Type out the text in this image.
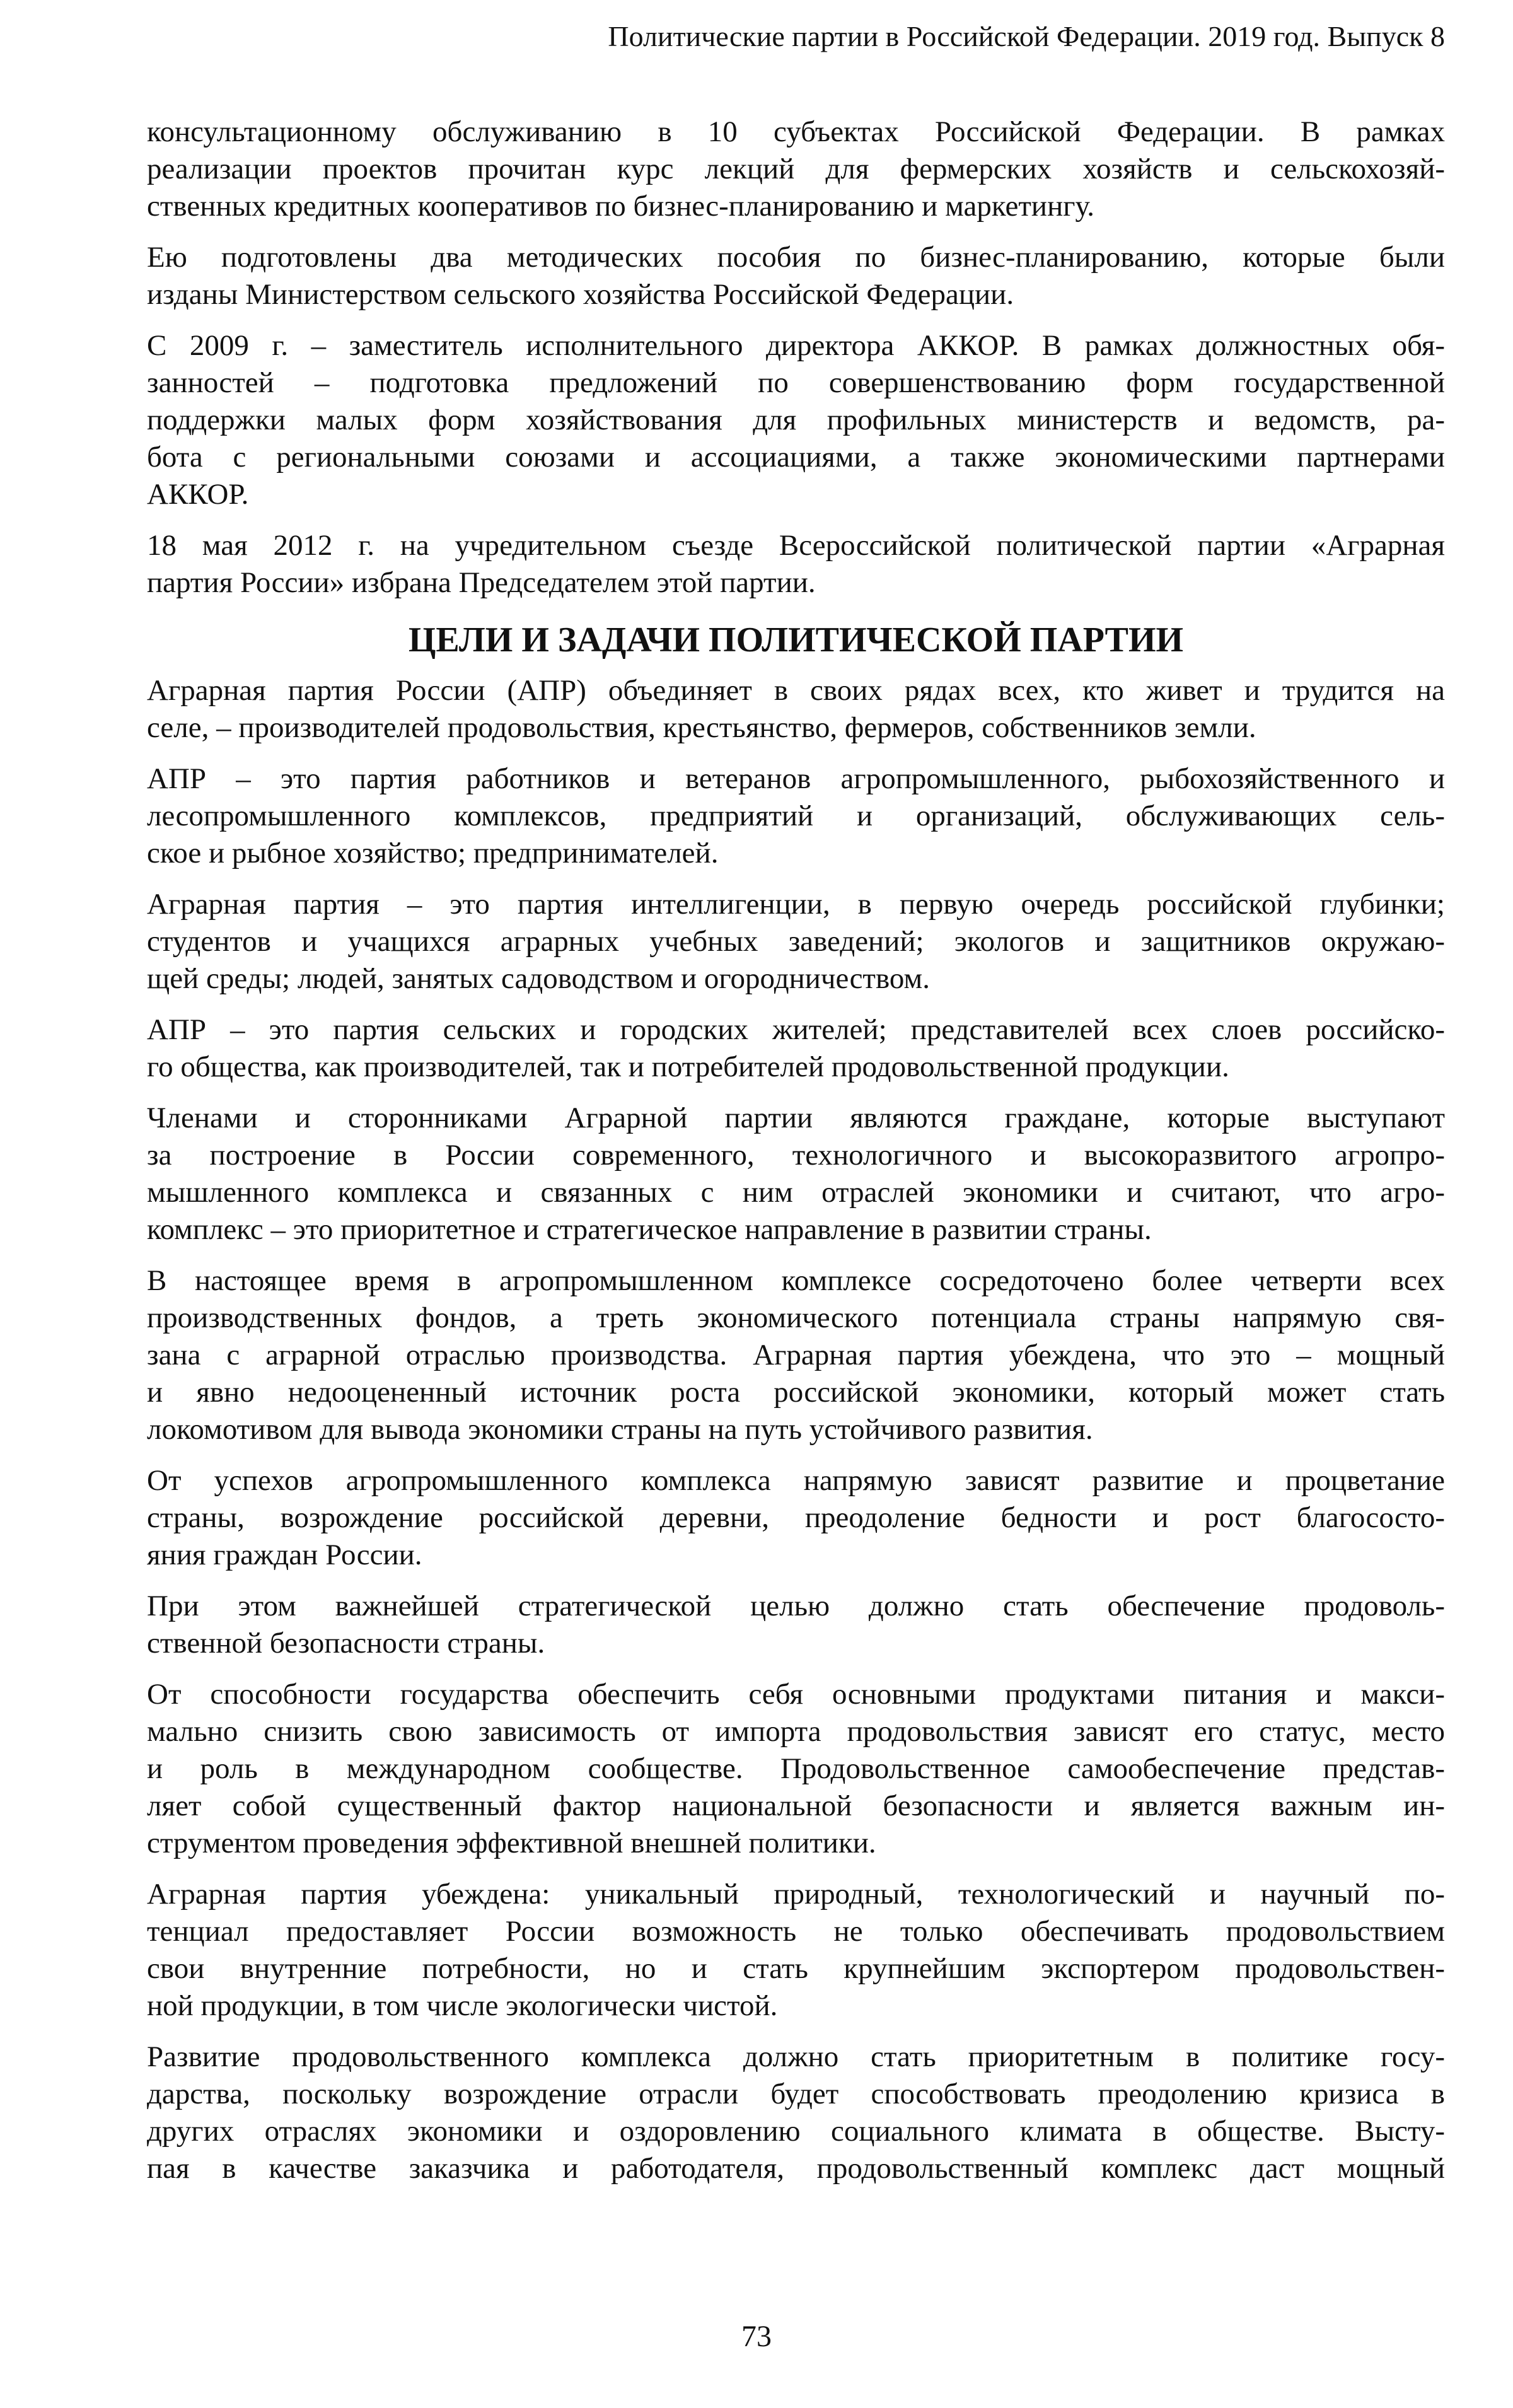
Политические партии в Российской Федерации. 2019 год. Выпуск 8
консультационному обслуживанию в 10 субъектах Российской Федерации. В рамках
реализации проектов прочитан курс лекций для фермерских хозяйств и сельскохозяй-
ственных кредитных кооперативов по бизнес-планированию и маркетингу.
Ею подготовлены два методических пособия по бизнес-планированию, которые были
изданы Министерством сельского хозяйства Российской Федерации.
С 2009 г. – заместитель исполнительного директора АККОР. В рамках должностных обя-
занностей – подготовка предложений по совершенствованию форм государственной
поддержки малых форм хозяйствования для профильных министерств и ведомств, ра-
бота с региональными союзами и ассоциациями, а также экономическими партнерами
АККОР.
18 мая 2012 г. на учредительном съезде Всероссийской политической партии «Аграрная
партия России» избрана Председателем этой партии.
ЦЕЛИ И ЗАДАЧИ ПОЛИТИЧЕСКОЙ ПАРТИИ
Аграрная партия России (АПР) объединяет в своих рядах всех, кто живет и трудится на
селе, – производителей продовольствия, крестьянство, фермеров, собственников земли.
АПР – это партия работников и ветеранов агропромышленного, рыбохозяйственного и
лесопромышленного комплексов, предприятий и организаций, обслуживающих сель-
ское и рыбное хозяйство; предпринимателей.
Аграрная партия – это партия интеллигенции, в первую очередь российской глубинки;
студентов и учащихся аграрных учебных заведений; экологов и защитников окружаю-
щей среды; людей, занятых садоводством и огородничеством.
АПР – это партия сельских и городских жителей; представителей всех слоев российско-
го общества, как производителей, так и потребителей продовольственной продукции.
Членами и сторонниками Аграрной партии являются граждане, которые выступают
за построение в России современного, технологичного и высокоразвитого агропро-
мышленного комплекса и связанных с ним отраслей экономики и считают, что агро-
комплекс – это приоритетное и стратегическое направление в развитии страны.
В настоящее время в агропромышленном комплексе сосредоточено более четверти всех
производственных фондов, а треть экономического потенциала страны напрямую свя-
зана с аграрной отраслью производства. Аграрная партия убеждена, что это – мощный
и явно недооцененный источник роста российской экономики, который может стать
локомотивом для вывода экономики страны на путь устойчивого развития.
От успехов агропромышленного комплекса напрямую зависят развитие и процветание
страны, возрождение российской деревни, преодоление бедности и рост благососто-
яния граждан России.
При этом важнейшей стратегической целью должно стать обеспечение продоволь-
ственной безопасности страны.
От способности государства обеспечить себя основными продуктами питания и макси-
мально снизить свою зависимость от импорта продовольствия зависят его статус, место
и роль в международном сообществе. Продовольственное самообеспечение представ-
ляет собой существенный фактор национальной безопасности и является важным ин-
струментом проведения эффективной внешней политики.
Аграрная партия убеждена: уникальный природный, технологический и научный по-
тенциал предоставляет России возможность не только обеспечивать продовольствием
свои внутренние потребности, но и стать крупнейшим экспортером продовольствен-
ной продукции, в том числе экологически чистой.
Развитие продовольственного комплекса должно стать приоритетным в политике госу-
дарства, поскольку возрождение отрасли будет способствовать преодолению кризиса в
других отраслях экономики и оздоровлению социального климата в обществе. Высту-
пая в качестве заказчика и работодателя, продовольственный комплекс даст мощный
73
